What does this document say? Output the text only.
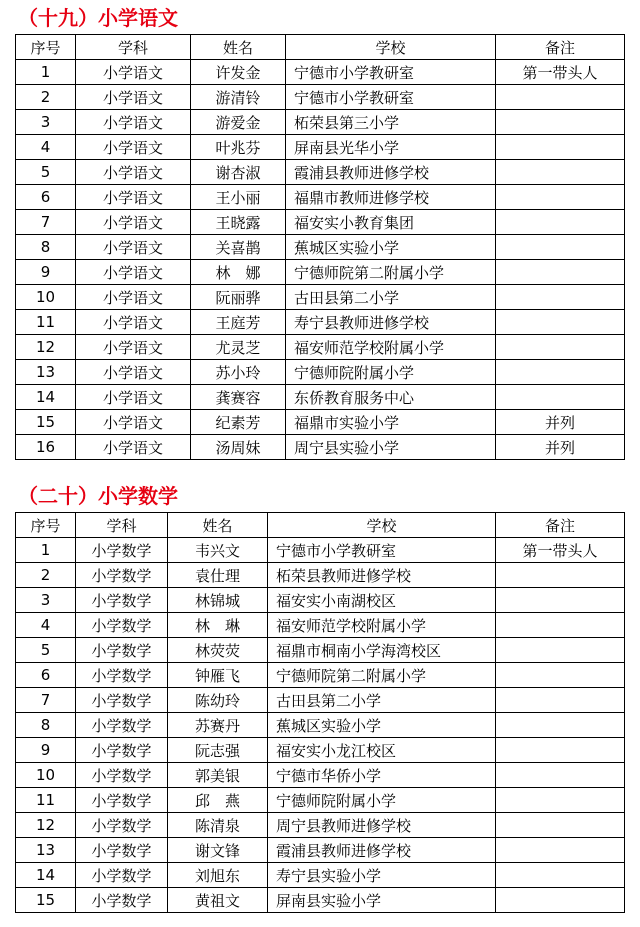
（十九）小学语文
序号	学科	姓名	学校	备注
1	小学语文	许发金	宁德市小学教研室	第一带头人
2	小学语文	游清铃	宁德市小学教研室	
3	小学语文	游爱金	柘荣县第三小学	
4	小学语文	叶兆芬	屏南县光华小学	
5	小学语文	谢杏淑	霞浦县教师进修学校	
6	小学语文	王小丽	福鼎市教师进修学校	
7	小学语文	王晓露	福安实小教育集团	
8	小学语文	关喜鹊	蕉城区实验小学	
9	小学语文	林　娜	宁德师院第二附属小学	
10	小学语文	阮丽骅	古田县第二小学	
11	小学语文	王庭芳	寿宁县教师进修学校	
12	小学语文	尤灵芝	福安师范学校附属小学	
13	小学语文	苏小玲	宁德师院附属小学	
14	小学语文	龚赛容	东侨教育服务中心	
15	小学语文	纪素芳	福鼎市实验小学	并列
16	小学语文	汤周妹	周宁县实验小学	并列
（二十）小学数学
序号	学科	姓名	学校	备注
1	小学数学	韦兴文	宁德市小学教研室	第一带头人
2	小学数学	袁仕理	柘荣县教师进修学校	
3	小学数学	林锦城	福安实小南湖校区	
4	小学数学	林　琳	福安师范学校附属小学	
5	小学数学	林荧荧	福鼎市桐南小学海湾校区	
6	小学数学	钟雁飞	宁德师院第二附属小学	
7	小学数学	陈幼玲	古田县第二小学	
8	小学数学	苏赛丹	蕉城区实验小学	
9	小学数学	阮志强	福安实小龙江校区	
10	小学数学	郭美银	宁德市华侨小学	
11	小学数学	邱　燕	宁德师院附属小学	
12	小学数学	陈清泉	周宁县教师进修学校	
13	小学数学	谢文锋	霞浦县教师进修学校	
14	小学数学	刘旭东	寿宁县实验小学	
15	小学数学	黄祖文	屏南县实验小学	
